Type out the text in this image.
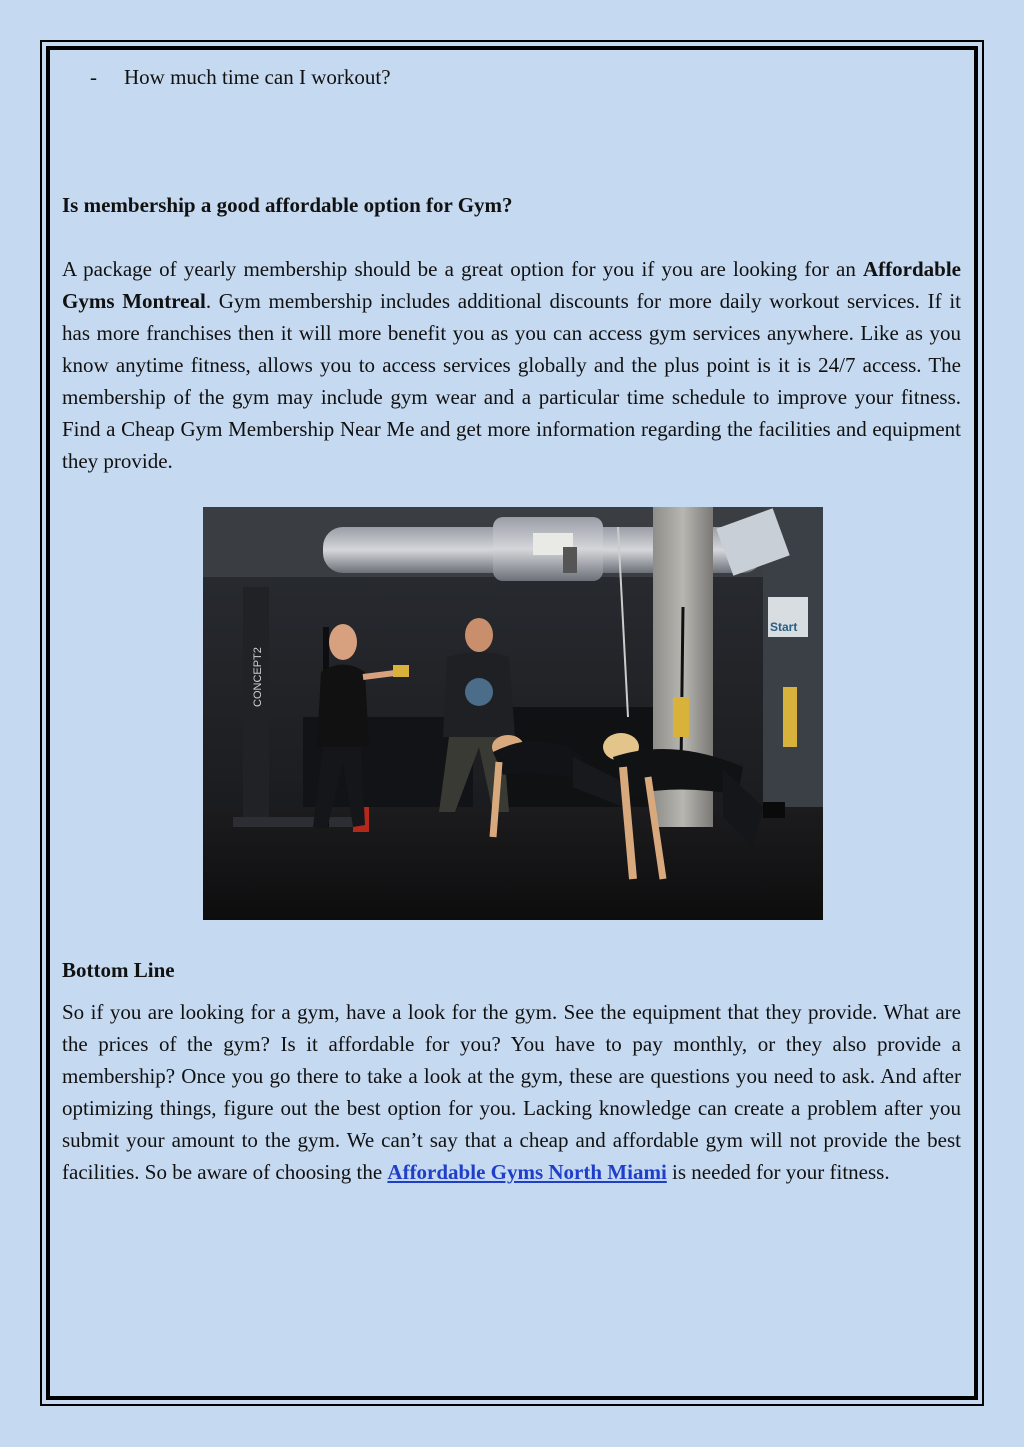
- How much time can I workout?
Is membership a good affordable option for Gym?
A package of yearly membership should be a great option for you if you are looking for an Affordable Gyms Montreal. Gym membership includes additional discounts for more daily workout services. If it has more franchises then it will more benefit you as you can access gym services anywhere. Like as you know anytime fitness, allows you to access services globally and the plus point is it is 24/7 access. The membership of the gym may include gym wear and a particular time schedule to improve your fitness. Find a Cheap Gym Membership Near Me and get more information regarding the facilities and equipment they provide.
CONCEPT2
Start
Bottom Line
So if you are looking for a gym, have a look for the gym. See the equipment that they provide. What are the prices of the gym? Is it affordable for you? You have to pay monthly, or they also provide a membership? Once you go there to take a look at the gym, these are questions you need to ask. And after optimizing things, figure out the best option for you. Lacking knowledge can create a problem after you submit your amount to the gym. We can’t say that a cheap and affordable gym will not provide the best facilities. So be aware of choosing the Affordable Gyms North Miami is needed for your fitness.
